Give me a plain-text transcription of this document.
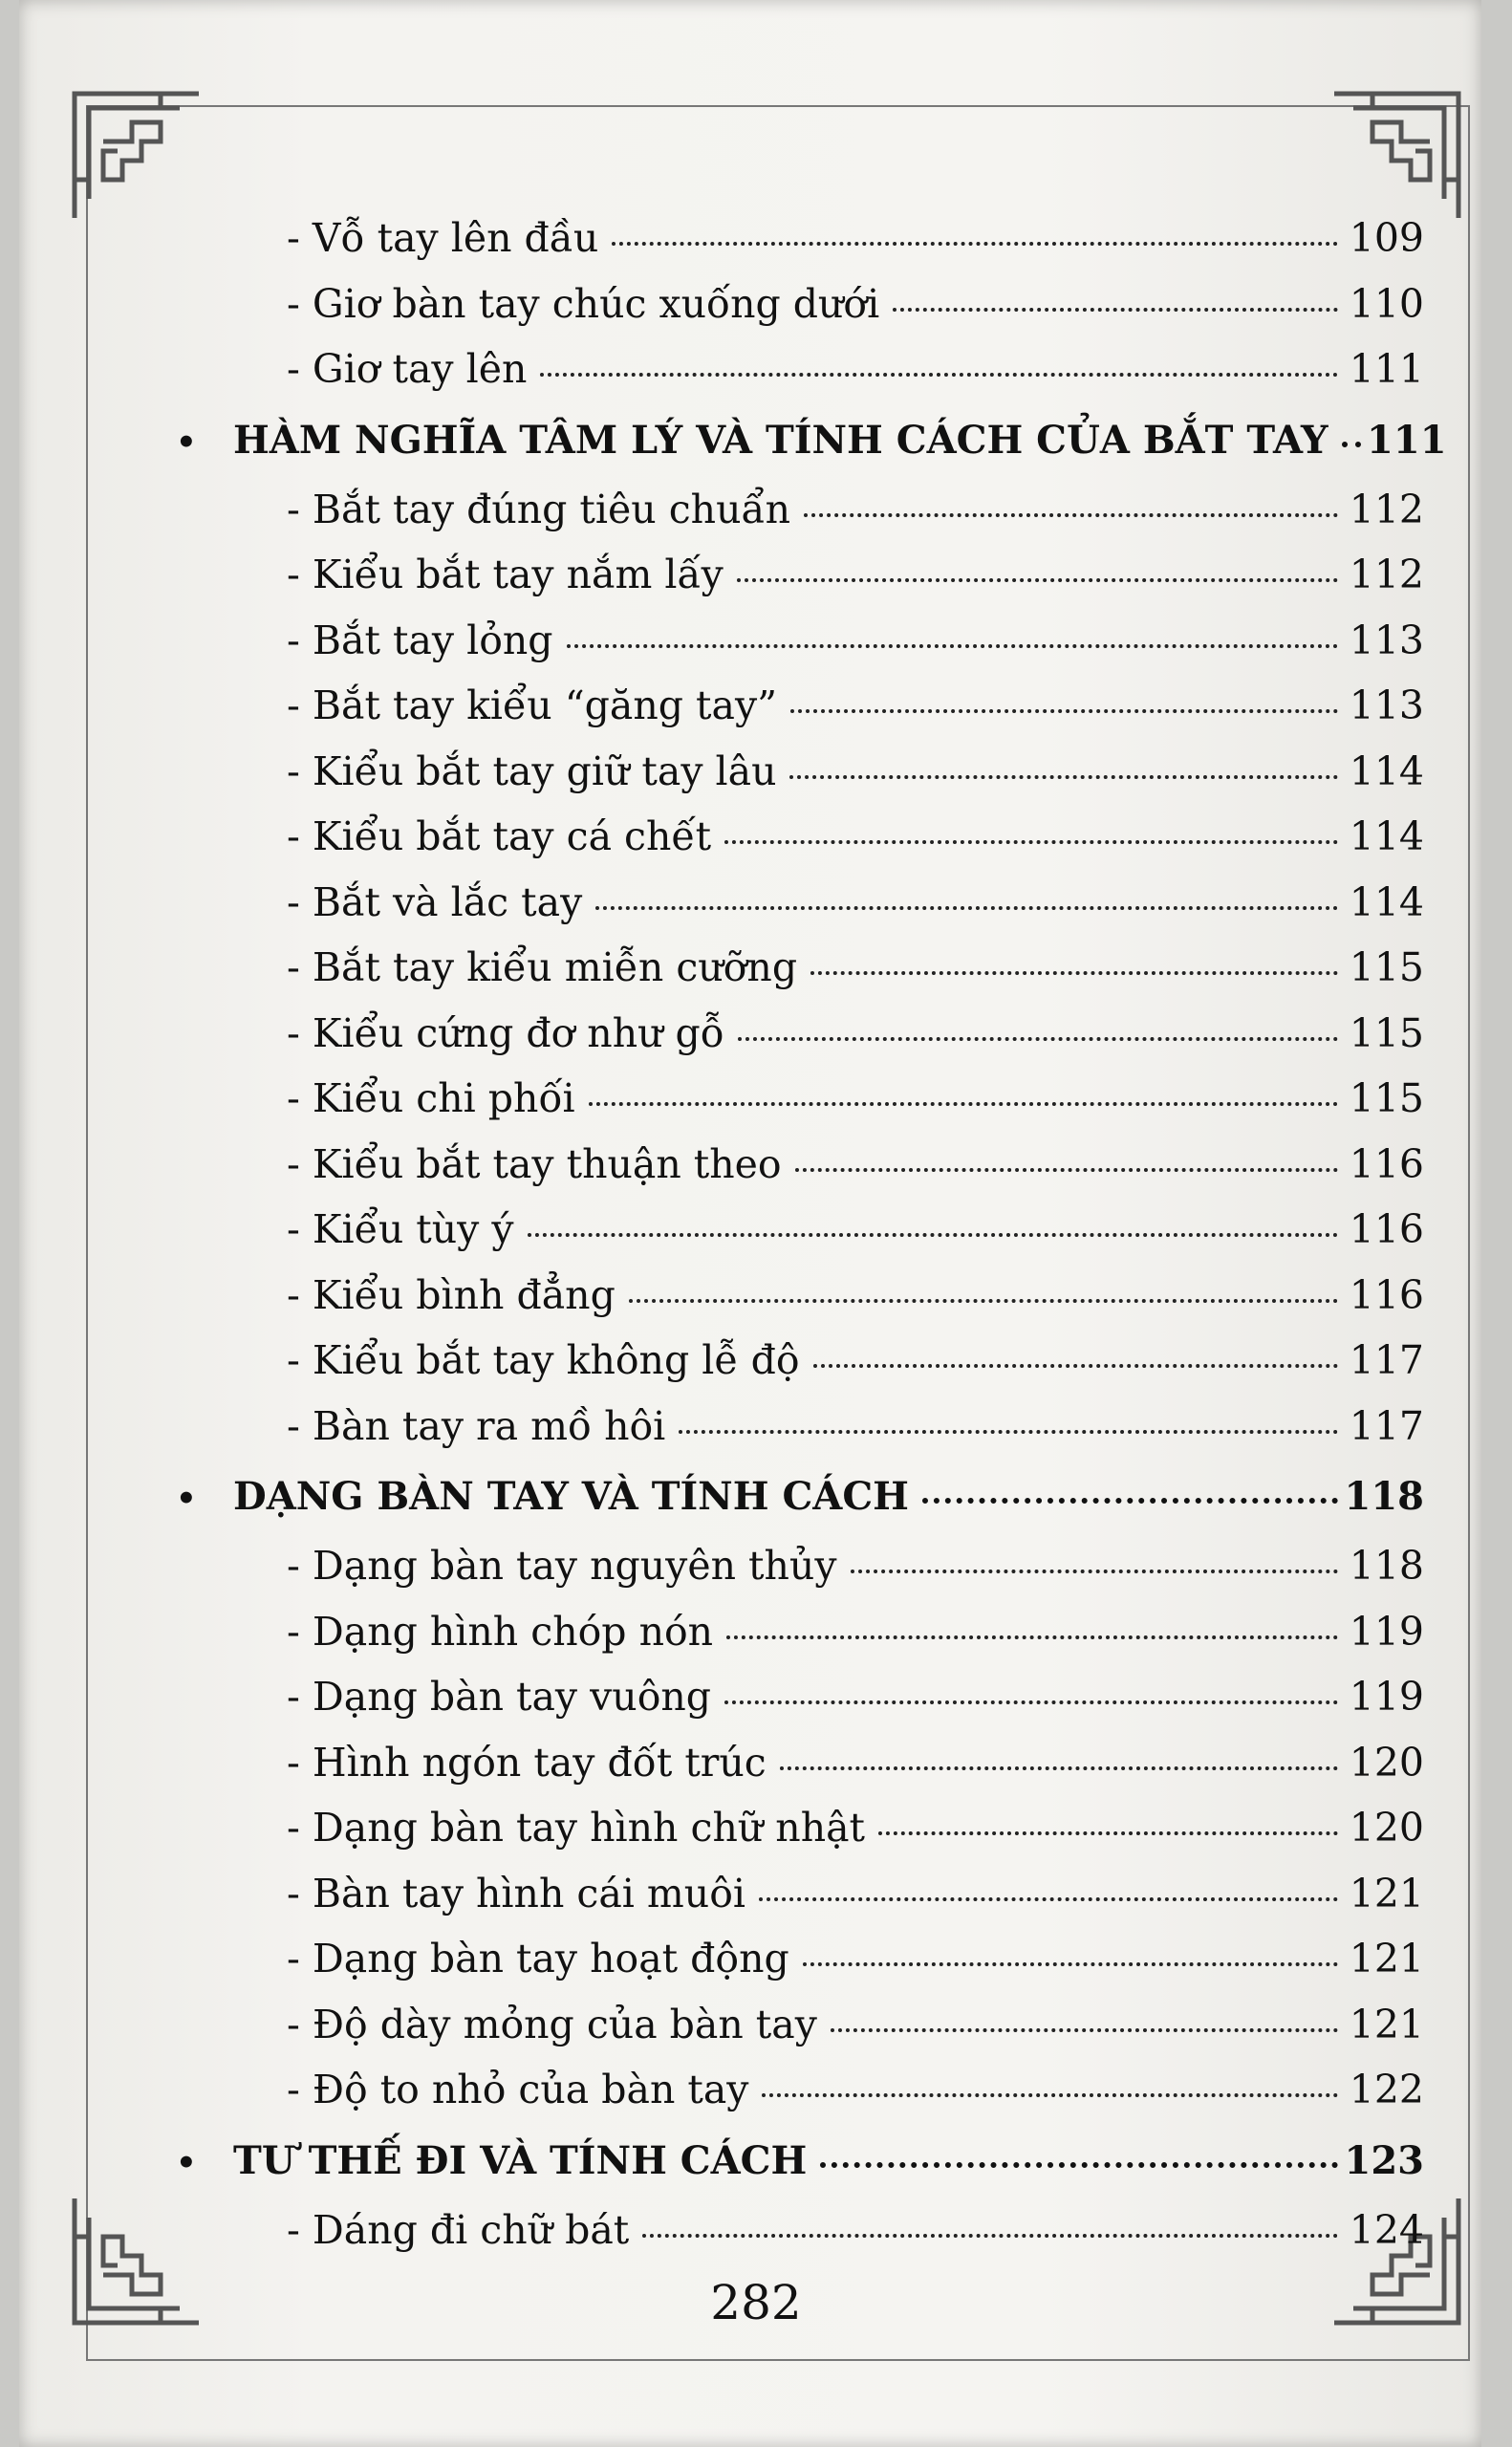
- Vỗ tay lên đầu	109
- Giơ bàn tay chúc xuống dưới	110
- Giơ tay lên	111
• HÀM NGHĨA TÂM LÝ VÀ TÍNH CÁCH CỦA BẮT TAY 111
- Bắt tay đúng tiêu chuẩn	112
- Kiểu bắt tay nắm lấy	112
- Bắt tay lỏng	113
- Bắt tay kiểu “găng tay”	113
- Kiểu bắt tay giữ tay lâu	114
- Kiểu bắt tay cá chết	114
- Bắt và lắc tay	114
- Bắt tay kiểu miễn cưỡng	115
- Kiểu cứng đơ như gỗ	115
- Kiểu chi phối	115
- Kiểu bắt tay thuận theo	116
- Kiểu tùy ý	116
- Kiểu bình đẳng	116
- Kiểu bắt tay không lễ độ	117
- Bàn tay ra mồ hôi	117
• DẠNG BÀN TAY VÀ TÍNH CÁCH	118
- Dạng bàn tay nguyên thủy	118
- Dạng hình chóp nón	119
- Dạng bàn tay vuông	119
- Hình ngón tay đốt trúc	120
- Dạng bàn tay hình chữ nhật	120
- Bàn tay hình cái muôi	121
- Dạng bàn tay hoạt động	121
- Độ dày mỏng của bàn tay	121
- Độ to nhỏ của bàn tay	122
• TƯ THẾ ĐI VÀ TÍNH CÁCH	123
- Dáng đi chữ bát	124
282
